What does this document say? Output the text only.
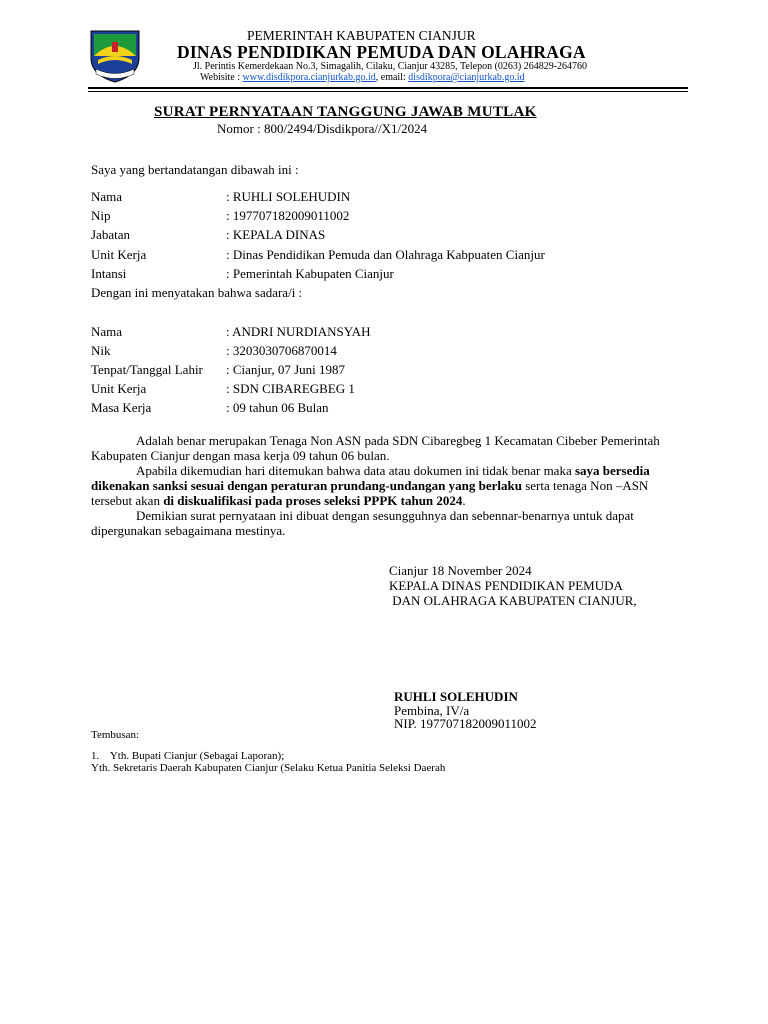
PEMERINTAH KABUPATEN CIANJUR
DINAS PENDIDIKAN PEMUDA DAN OLAHRAGA
Jl. Perintis Kemerdekaan No.3, Simagalih, Cilaku, Cianjur 43285, Telepon (0263) 264829-264760
Webisite : www.disdikpora.cianjurkab.go.id, email: disdikpora@cianjurkab.go.id
SURAT PERNYATAAN TANGGUNG JAWAB MUTLAK
Nomor : 800/2494/Disdikpora//X1/2024
Saya yang bertandatangan dibawah ini :
Nama	: RUHLI SOLEHUDIN
Nip	: 197707182009011002
Jabatan	: KEPALA DINAS
Unit Kerja	: Dinas Pendidikan Pemuda dan Olahraga Kabpuaten Cianjur
Intansi	: Pemerintah Kabupaten Cianjur
Dengan ini menyatakan bahwa sadara/i :
Nama	: ANDRI NURDIANSYAH
Nik	: 3203030706870014
Tenpat/Tanggal Lahir : Cianjur, 07 Juni 1987
Unit Kerja	: SDN CIBAREGBEG 1
Masa Kerja	: 09 tahun 06 Bulan
Adalah benar merupakan Tenaga Non ASN pada SDN Cibaregbeg 1 Kecamatan Cibeber Pemerintah Kabupaten Cianjur dengan masa kerja 09 tahun 06 bulan.
Apabila dikemudian hari ditemukan bahwa data atau dokumen ini tidak benar maka saya bersedia dikenakan sanksi sesuai dengan peraturan prundang-undangan yang berlaku serta tenaga Non –ASN tersebut akan di diskualifikasi pada proses seleksi PPPK tahun 2024.
Demikian surat pernyataan ini dibuat dengan sesungguhnya dan sebennar-benarnya untuk dapat dipergunakan sebagaimana mestinya.
Cianjur 18 November 2024
KEPALA DINAS PENDIDIKAN PEMUDA
DAN OLAHRAGA KABUPATEN CIANJUR,
RUHLI SOLEHUDIN
Pembina, IV/a
NIP. 197707182009011002
Tembusan:
1.    Yth. Bupati Cianjur (Sebagai Laporan);
Yth. Sekretaris Daerah Kabupaten Cianjur (Selaku Ketua Panitia Seleksi Daerah
